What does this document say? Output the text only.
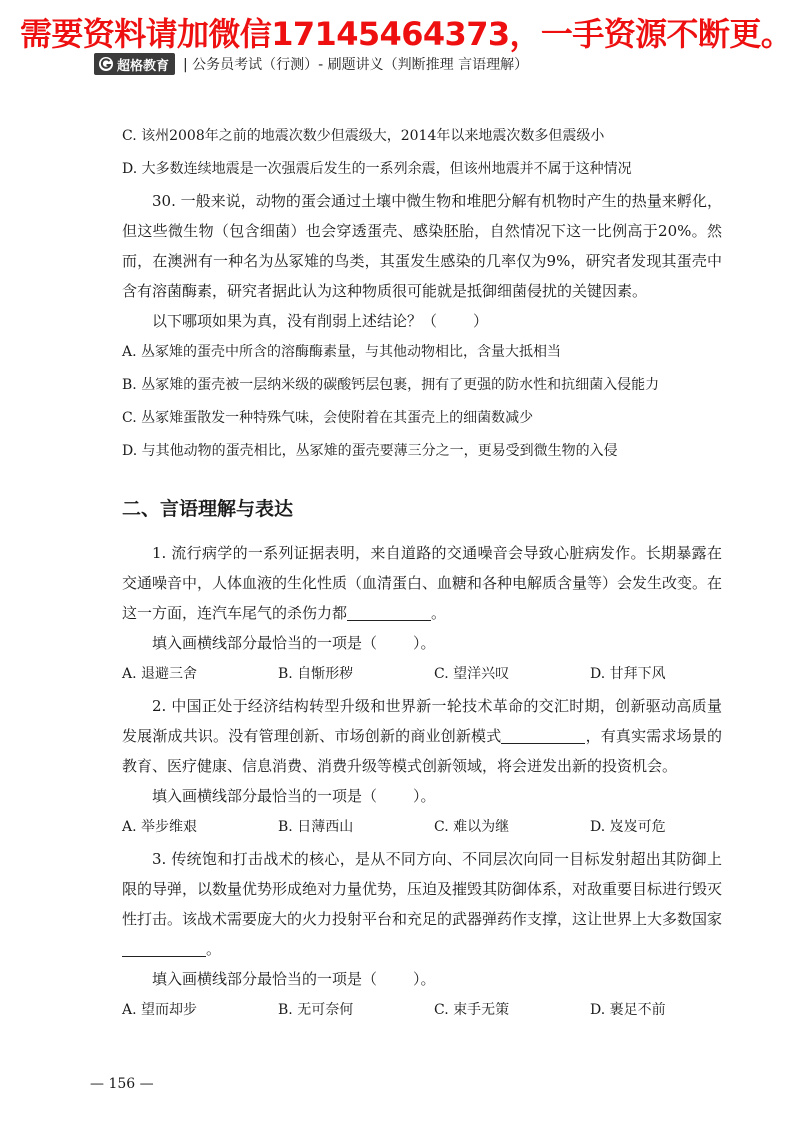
需要资料请加微信17145464373，一手资源不断更。
超格教育 | 公务员考试（行测）- 刷题讲义（判断推理 言语理解）

C. 该州2008年之前的地震次数少但震级大，2014年以来地震次数多但震级小

D. 大多数连续地震是一次强震后发生的一系列余震，但该州地震并不属于这种情况

30. 一般来说，动物的蛋会通过土壤中微生物和堆肥分解有机物时产生的热量来孵化，但这些微生物（包含细菌）也会穿透蛋壳、感染胚胎，自然情况下这一比例高于20%。然而，在澳洲有一种名为丛冢雉的鸟类，其蛋发生感染的几率仅为9%，研究者发现其蛋壳中含有溶菌酶素，研究者据此认为这种物质很可能就是抵御细菌侵扰的关键因素。

以下哪项如果为真，没有削弱上述结论？（ ）

A. 丛冢雉的蛋壳中所含的溶酶酶素量，与其他动物相比，含量大抵相当

B. 丛冢雉的蛋壳被一层纳米级的碳酸钙层包裹，拥有了更强的防水性和抗细菌入侵能力

C. 丛冢雉蛋散发一种特殊气味，会使附着在其蛋壳上的细菌数减少

D. 与其他动物的蛋壳相比，丛冢雉的蛋壳要薄三分之一，更易受到微生物的入侵

二、言语理解与表达

1. 流行病学的一系列证据表明，来自道路的交通噪音会导致心脏病发作。长期暴露在交通噪音中，人体血液的生化性质（血清蛋白、血糖和各种电解质含量等）会发生改变。在这一方面，连汽车尾气的杀伤力都	。

填入画横线部分最恰当的一项是（ ）。

A. 退避三舍	B. 自惭形秽	C. 望洋兴叹	D. 甘拜下风

2. 中国正处于经济结构转型升级和世界新一轮技术革命的交汇时期，创新驱动高质量发展渐成共识。没有管理创新、市场创新的商业创新模式	，有真实需求场景的教育、医疗健康、信息消费、消费升级等模式创新领域，将会迸发出新的投资机会。

填入画横线部分最恰当的一项是（ ）。

A. 举步维艰	B. 日薄西山	C. 难以为继	D. 岌岌可危

3. 传统饱和打击战术的核心，是从不同方向、不同层次向同一目标发射超出其防御上限的导弹，以数量优势形成绝对力量优势，压迫及摧毁其防御体系，对敌重要目标进行毁灭性打击。该战术需要庞大的火力投射平台和充足的武器弹药作支撑，这让世界上大多数国家。

填入画横线部分最恰当的一项是（ ）。

A. 望而却步	B. 无可奈何	C. 束手无策	D. 裹足不前
— 156 —
